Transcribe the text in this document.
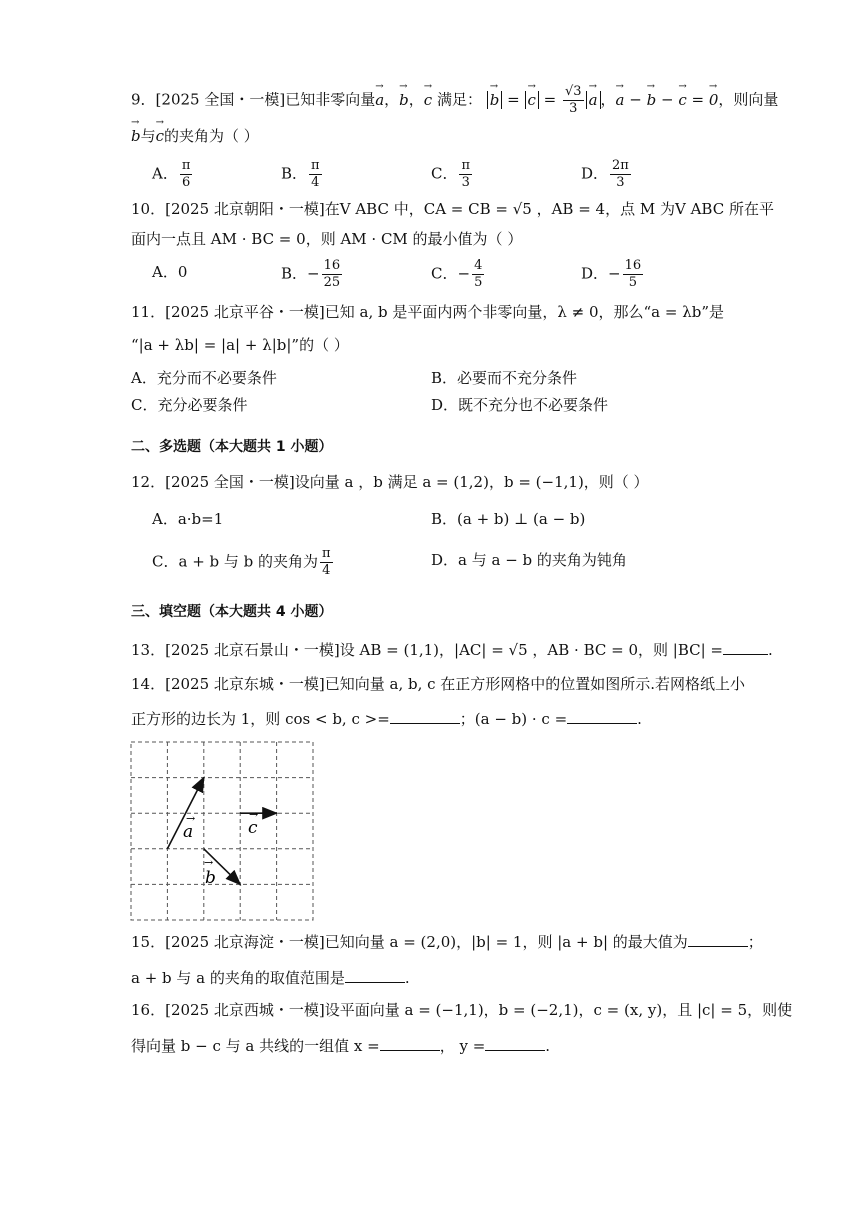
9．[2025 全国・一模]已知非零向量→ a，→ b，→ c 满足： → b = → $c = \frac{√3}{3} \to a$ ，→ a − → b − → c = → 0，则向量
→ b与→ c的夹角为（ ）
A． $\frac{\pi}{6}$	B． $\frac{\pi}{4}$	C． $\frac{\pi}{3}$	D． $\frac{2\pi}{3}$
10．[2025 北京朝阳・一模]在V ABC 中，CA = CB = √5 ，AB = 4，点 M 为V ABC 所在平
面内一点且 AM · BC = 0，则 AM · CM 的最小值为（ ）
A．0	B．− $\frac{16}{25}$	C．− $\frac{4}{5}$	D．− $\frac{16}{5}$
11．[2025 北京平谷・一模]已知 a, b 是平面内两个非零向量，λ ≠ 0，那么“a = λb”是
“|a + λb| = |a| + λ|b|”的（ ）
A．充分而不必要条件	B．必要而不充分条件
C．充分必要条件	D．既不充分也不必要条件
二、多选题（本大题共 1 小题）
12．[2025 全国・一模]设向量 a ，b 满足 a = (1,2)，b = (−1,1)，则（ ）
A．a·b=1	B．(a + b) ⊥ (a − b)
C．a + b 与 b 的夹角为 $\frac{\pi}{4}$	D．a 与 a − b 的夹角为钝角
三、填空题（本大题共 4 小题）
13．[2025 北京石景山・一模]设 AB = (1,1)，|AC| = √5 ，AB · BC = 0，则 |BC| =	.
14．[2025 北京东城・一模]已知向量 a, b, c 在正方形网格中的位置如图所示.若网格纸上小
正方形的边长为 1，则 cos < b, c >=	；(a − b) · c =	.
a
→	c
→
b
→
15．[2025 北京海淀・一模]已知向量 a = (2,0)，|b| = 1，则 |a + b| 的最大值为	；
a + b 与 a 的夹角的取值范围是	.
16．[2025 北京西城・一模]设平面向量 a = (−1,1)，b = (−2,1)，c = (x, y)，且 |c| = 5，则使
得向量 b − c 与 a 共线的一组值 x =	， y =	.
